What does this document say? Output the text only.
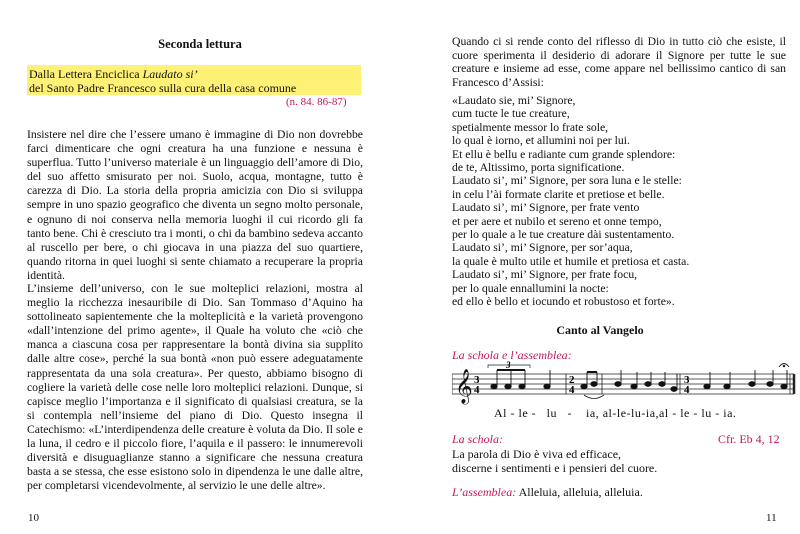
Seconda lettura
Dalla Lettera Enciclica Laudato si’
del Santo Padre Francesco sulla cura della casa comune
(n. 84. 86-87)

Insistere nel dire che l’essere umano è immagine di Dio non dovrebbe farci dimenticare che ogni creatura ha una funzione e nessuna è superflua. Tutto l’universo materiale è un linguaggio dell’amore di Dio, del suo affetto smisurato per noi. Suolo, acqua, montagne, tutto è carezza di Dio. La storia della propria amicizia con Dio si sviluppa sempre in uno spazio geografico che diventa un segno molto personale, e ognuno di noi conserva nella memoria luoghi il cui ricordo gli fa tanto bene. Chi è cresciuto tra i monti, o chi da bambino sedeva accanto al ruscello per bere, o chi giocava in una piazza del suo quartiere, quando ritorna in quei luoghi si sente chiamato a recuperare la propria identità.

L’insieme dell’universo, con le sue molteplici relazioni, mostra al meglio la ricchezza inesauribile di Dio. San Tommaso d’Aquino ha sottolineato sapientemente che la molteplicità e la varietà provengono «dall’intenzione del primo agente», il Quale ha voluto che «ciò che manca a ciascuna cosa per rappresentare la bontà divina sia supplito dalle altre cose», perché la sua bontà «non può essere adeguatamente rappresentata da una sola creatura». Per questo, abbiamo bisogno di cogliere la varietà delle cose nelle loro molteplici relazioni. Dunque, si capisce meglio l’importanza e il significato di qualsiasi creatura, se la si contempla nell’insieme del piano di Dio. Questo insegna il Catechismo: «L’interdipendenza delle creature è voluta da Dio. Il sole e la luna, il cedro e il piccolo fiore, l’aquila e il passero: le innumerevoli diversità e disuguaglianze stanno a significare che nessuna creatura basta a se stessa, che esse esistono solo in dipendenza le une dalle altre, per completarsi vicendevolmente, al servizio le une delle altre».

10

Quando ci si rende conto del riflesso di Dio in tutto ciò che esiste, il cuore sperimenta il desiderio di adorare il Signore per tutte le sue creature e insieme ad esse, come appare nel bellissimo cantico di san Francesco d’Assisi:

«Laudato sie, mi’ Signore,
cum tucte le tue creature,
spetialmente messor lo frate sole,
lo qual è iorno, et allumini noi per lui.
Et ellu è bellu e radiante cum grande splendore:
de te, Altissimo, porta significatione.
Laudato si’, mi’ Signore, per sora luna e le stelle:
in celu l’ài formate clarite et pretiose et belle.
Laudato si’, mi’ Signore, per frate vento
et per aere et nubilo et sereno et onne tempo,
per lo quale a le tue creature dài sustentamento.
Laudato si’, mi’ Signore, per sor’aqua,
la quale è multo utile et humile et pretiosa et casta.
Laudato si’, mi’ Signore, per frate focu,
per lo quale ennallumini la nocte:
ed ello è bello et iocundo et robustoso et forte».
Canto al Vangelo
La schola e l’assemblea:
𝄞 3
4
2
4
3
4
3
Al - le - lu - ia, al-le-lu-ia,al - le - lu - ia.
La schola:	Cfr. Eb 4, 12
La parola di Dio è viva ed efficace,
discerne i sentimenti e i pensieri del cuore.
L’assemblea: Alleluia, alleluia, alleluia.
11
